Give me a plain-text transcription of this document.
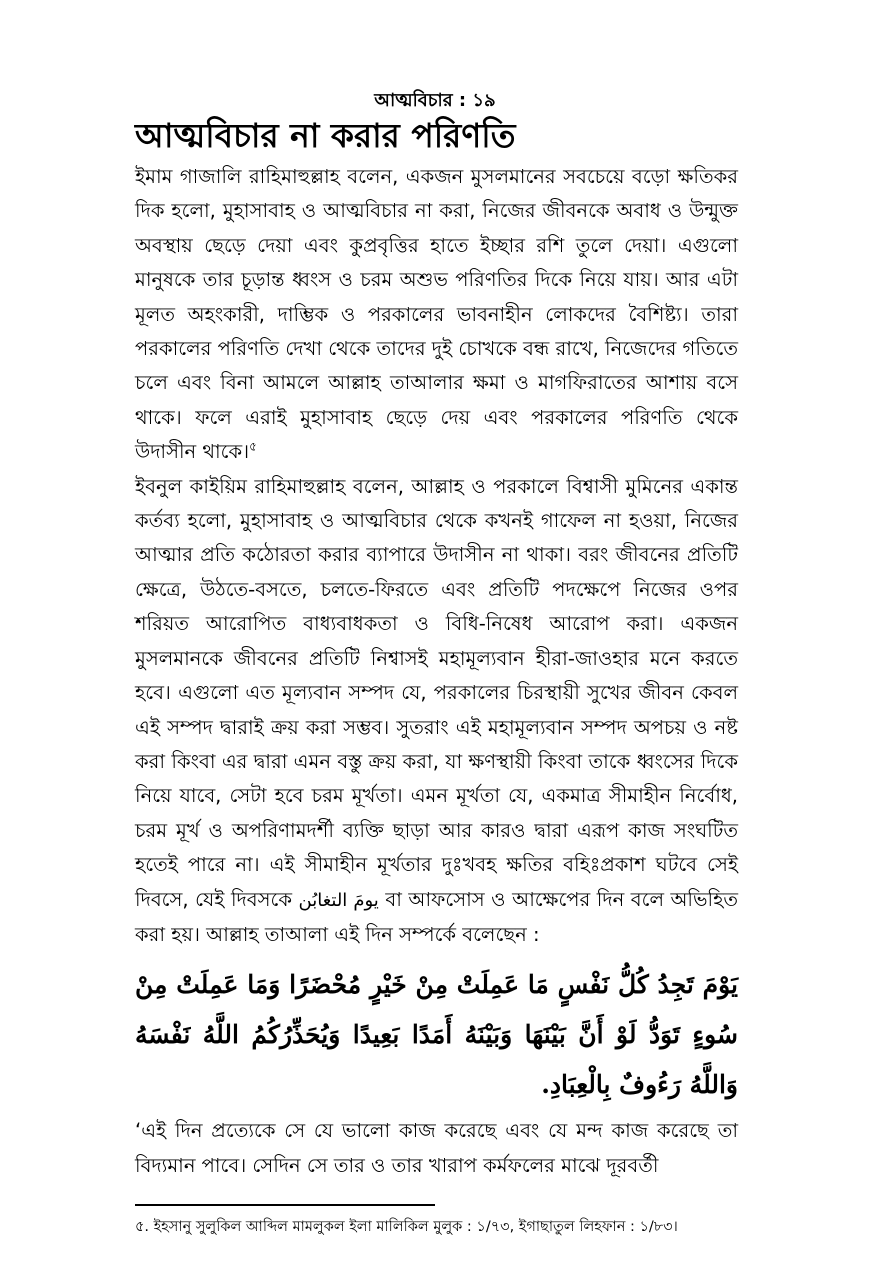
আত্মবিচার : ১৯
আত্মবিচার না করার পরিণতি

ইমাম গাজালি রাহিমাহুল্লাহ বলেন, একজন মুসলমানের সবচেয়ে বড়ো ক্ষতিকর দিক হলো, মুহাসাবাহ ও আত্মবিচার না করা, নিজের জীবনকে অবাধ ও উন্মুক্ত অবস্থায় ছেড়ে দেয়া এবং কুপ্রবৃত্তির হাতে ইচ্ছার রশি তুলে দেয়া। এগুলো মানুষকে তার চূড়ান্ত ধ্বংস ও চরম অশুভ পরিণতির দিকে নিয়ে যায়। আর এটা মূলত অহংকারী, দাম্ভিক ও পরকালের ভাবনাহীন লোকদের বৈশিষ্ট্য। তারা পরকালের পরিণতি দেখা থেকে তাদের দুই চোখকে বন্ধ রাখে, নিজেদের গতিতে চলে এবং বিনা আমলে আল্লাহ তাআলার ক্ষমা ও মাগফিরাতের আশায় বসে থাকে। ফলে এরাই মুহাসাবাহ ছেড়ে দেয় এবং পরকালের পরিণতি থেকে উদাসীন থাকে।$^৫$

ইবনুল কাইয়িম রাহিমাহুল্লাহ বলেন, আল্লাহ ও পরকালে বিশ্বাসী মুমিনের একান্ত কর্তব্য হলো, মুহাসাবাহ ও আত্মবিচার থেকে কখনই গাফেল না হওয়া, নিজের আত্মার প্রতি কঠোরতা করার ব্যাপারে উদাসীন না থাকা। বরং জীবনের প্রতিটি ক্ষেত্রে, উঠতে-বসতে, চলতে-ফিরতে এবং প্রতিটি পদক্ষেপে নিজের ওপর শরিয়ত আরোপিত বাধ্যবাধকতা ও বিধি-নিষেধ আরোপ করা। একজন মুসলমানকে জীবনের প্রতিটি নিশ্বাসই মহামূল্যবান হীরা-জাওহার মনে করতে হবে। এগুলো এত মূল্যবান সম্পদ যে, পরকালের চিরস্থায়ী সুখের জীবন কেবল এই সম্পদ দ্বারাই ক্রয় করা সম্ভব। সুতরাং এই মহামূল্যবান সম্পদ অপচয় ও নষ্ট করা কিংবা এর দ্বারা এমন বস্তু ক্রয় করা, যা ক্ষণস্থায়ী কিংবা তাকে ধ্বংসের দিকে নিয়ে যাবে, সেটা হবে চরম মূর্খতা। এমন মূর্খতা যে, একমাত্র সীমাহীন নির্বোধ, চরম মূর্খ ও অপরিণামদর্শী ব্যক্তি ছাড়া আর কারও দ্বারা এরূপ কাজ সংঘটিত হতেই পারে না। এই সীমাহীন মূর্খতার দুঃখবহ ক্ষতির বহিঃপ্রকাশ ঘটবে সেই দিবসে, যেই দিবসকে يومَ التغابُن বা আফসোস ও আক্ষেপের দিন বলে অভিহিত করা হয়। আল্লাহ তাআলা এই দিন সম্পর্কে বলেছেন :

يَوْمَ تَجِدُ كُلُّ نَفْسٍ مَا عَمِلَتْ مِنْ خَيْرٍ مُحْضَرًا وَمَا عَمِلَتْ مِنْ سُوءٍ تَوَدُّ لَوْ أَنَّ بَيْنَهَا وَبَيْنَهُ أَمَدًا بَعِيدًا وَيُحَذِّرُكُمُ اللَّهُ نَفْسَهُ وَاللَّهُ رَءُوفٌ بِالْعِبَادِ.

‘এই দিন প্রত্যেকে সে যে ভালো কাজ করেছে এবং যে মন্দ কাজ করেছে তা বিদ্যমান পাবে। সেদিন সে তার ও তার খারাপ কর্মফলের মাঝে দূরবর্তী

৫. ইহসানু সুলুকিল আব্দিল মামলুকল ইলা মালিকিল মুলুক : ১/৭৩, ইগাছাতুল লিহফান : ১/৮৩।
